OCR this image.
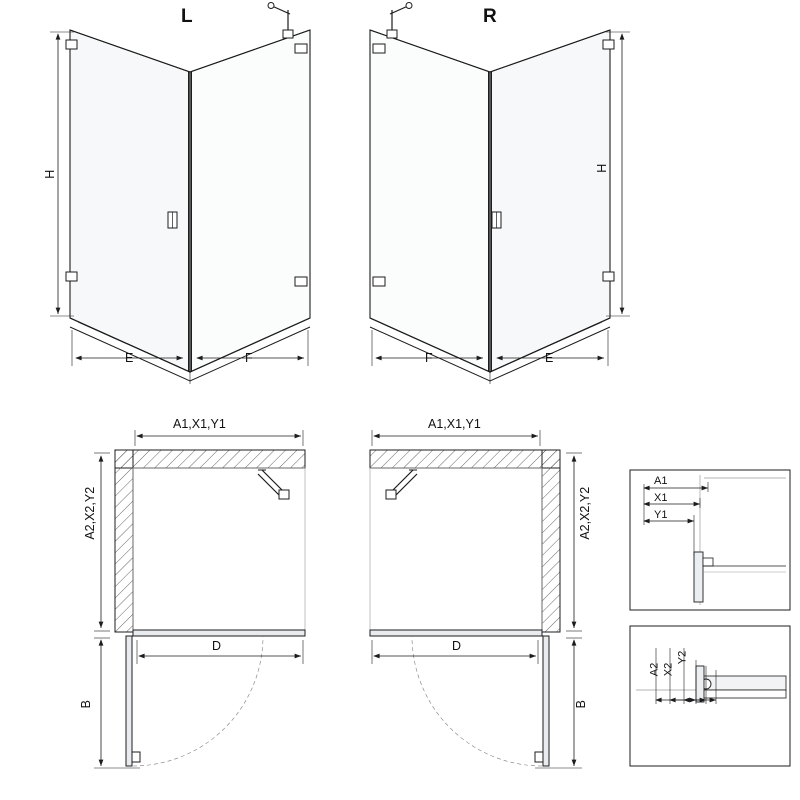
L	R
H
H
E	F	F	E
A1,X1,Y1	A1,X1,Y1
A2,X2,Y2	A2,X2,Y2
D	D
B	B
A1
X1
Y1
A2 X2
Y2
